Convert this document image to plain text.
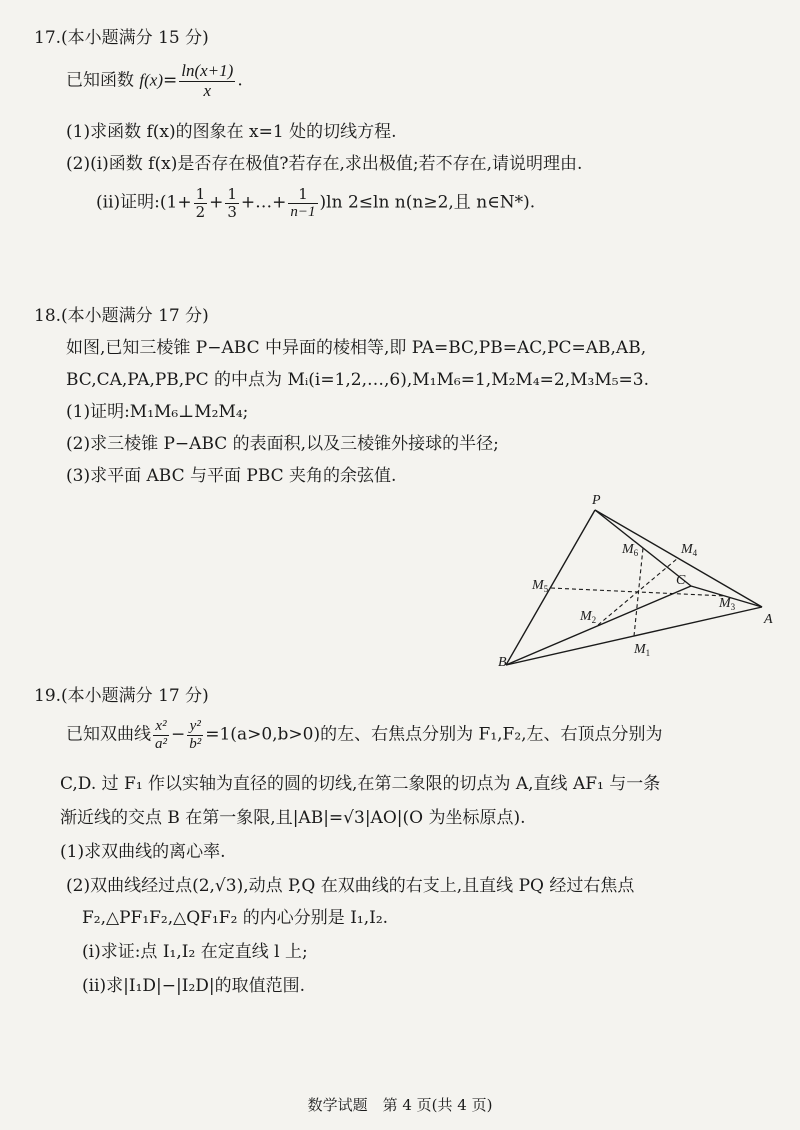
17.(本小题满分 15 分)
已知函数 $f(x)= \frac{\ln(x+1)}{x}$ .
(1)求函数 f(x)的图象在 x=1 处的切线方程.
(2)(ⅰ)函数 f(x)是否存在极值?若存在,求出极值;若不存在,请说明理由.
(ⅱ)证明:(1+ $\frac{1}{2} + \frac{1}{3}$ +…+ $\frac{1}{n-1} )\ln$ 2≤ln n(n≥2,且 n∈N*).
18.(本小题满分 17 分)
如图,已知三棱锥 P−ABC 中异面的棱相等,即 PA=BC,PB=AC,PC=AB,AB,
BC,CA,PA,PB,PC 的中点为 Mᵢ(i=1,2,…,6),M₁M₆=1,M₂M₄=2,M₃M₅=3.
(1)证明:M₁M₆⊥M₂M₄;
(2)求三棱锥 P−ABC 的表面积,以及三棱锥外接球的半径;
(3)求平面 ABC 与平面 PBC 夹角的余弦值.
P
A
B
C
$M_1$
$M_2$
$M_3$
$M_4$
$M_5$
$M_6$
19.(本小题满分 17 分)
已知双曲线 $\frac{\text{x²}}{\text{a²}} - \frac{\text{y²}}{\text{b²}} =1(a>0,b>0)$的左、右焦点分别为 F₁,F₂,左、右顶点分别为
C,D. 过 F₁ 作以实轴为直径的圆的切线,在第二象限的切点为 A,直线 AF₁ 与一条
渐近线的交点 B 在第一象限,且|AB|=√3|AO|(O 为坐标原点).
(1)求双曲线的离心率.
(2)双曲线经过点(2,√3),动点 P,Q 在双曲线的右支上,且直线 PQ 经过右焦点
F₂,△PF₁F₂,△QF₁F₂ 的内心分别是 I₁,I₂.
(ⅰ)求证:点 I₁,I₂ 在定直线 l 上;
(ⅱ)求|I₁D|−|I₂D|的取值范围.
数学试题　第 4 页(共 4 页)
